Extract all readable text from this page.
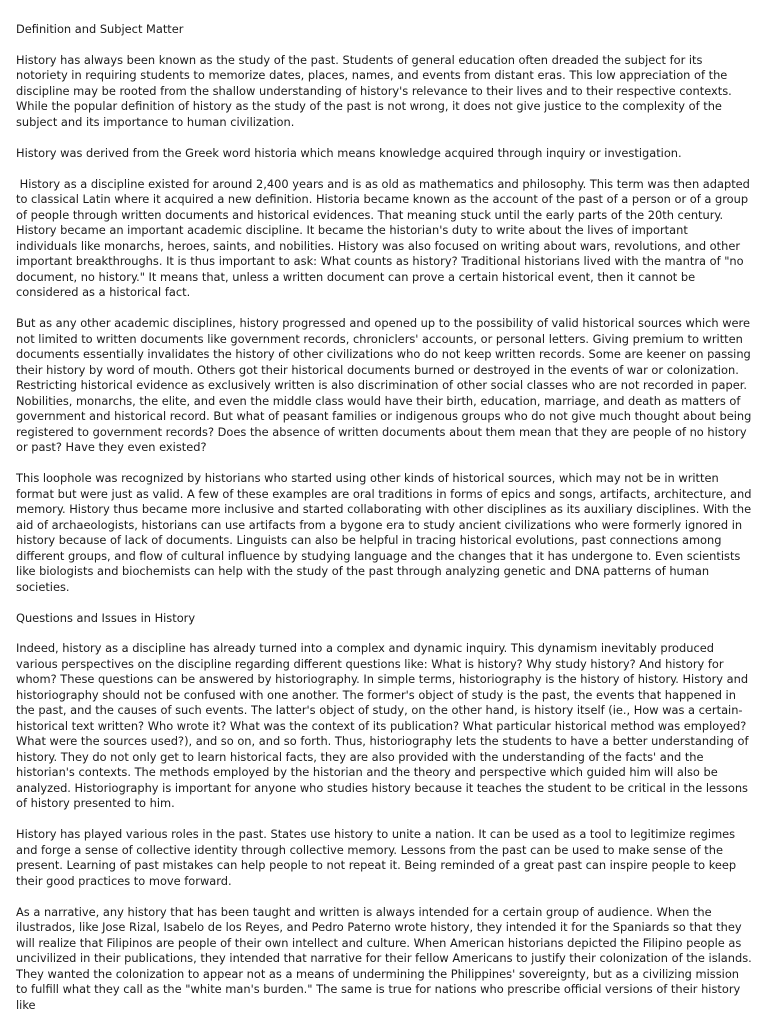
Definition and Subject Matter

History has always been known as the study of the past. Students of general education often dreaded the subject for its notoriety in requiring students to memorize dates, places, names, and events from distant eras. This low appreciation of the discipline may be rooted from the shallow understanding of history's relevance to their lives and to their respective contexts. While the popular definition of history as the study of the past is not wrong, it does not give justice to the complexity of the subject and its importance to human civilization.

History was derived from the Greek word historia which means knowledge acquired through inquiry or investigation.

History as a discipline existed for around 2,400 years and is as old as mathematics and philosophy. This term was then adapted to classical Latin where it acquired a new definition. Historia became known as the account of the past of a person or of a group of people through written documents and historical evidences. That meaning stuck until the early parts of the 20th century. History became an important academic discipline. It became the historian's duty to write about the lives of important individuals like monarchs, heroes, saints, and nobilities. History was also focused on writing about wars, revolutions, and other important breakthroughs. It is thus important to ask: What counts as history? Traditional historians lived with the mantra of "no document, no history." It means that, unless a written document can prove a certain historical event, then it cannot be considered as a historical fact.

But as any other academic disciplines, history progressed and opened up to the possibility of valid historical sources which were not limited to written documents like government records, chroniclers' accounts, or personal letters. Giving premium to written documents essentially invalidates the history of other civilizations who do not keep written records. Some are keener on passing their history by word of mouth. Others got their historical documents burned or destroyed in the events of war or colonization. Restricting historical evidence as exclusively written is also discrimination of other social classes who are not recorded in paper. Nobilities, monarchs, the elite, and even the middle class would have their birth, education, marriage, and death as matters of government and historical record. But what of peasant families or indigenous groups who do not give much thought about being registered to government records? Does the absence of written documents about them mean that they are people of no history or past? Have they even existed?

This loophole was recognized by historians who started using other kinds of historical sources, which may not be in written format but were just as valid. A few of these examples are oral traditions in forms of epics and songs, artifacts, architecture, and memory. History thus became more inclusive and started collaborating with other disciplines as its auxiliary disciplines. With the aid of archaeologists, historians can use artifacts from a bygone era to study ancient civilizations who were formerly ignored in history because of lack of documents. Linguists can also be helpful in tracing historical evolutions, past connections among different groups, and flow of cultural influence by studying language and the changes that it has undergone to. Even scientists like biologists and biochemists can help with the study of the past through analyzing genetic and DNA patterns of human societies.

Questions and Issues in History

Indeed, history as a discipline has already turned into a complex and dynamic inquiry. This dynamism inevitably produced various perspectives on the discipline regarding different questions like: What is history? Why study history? And history for whom? These questions can be answered by historiography. In simple terms, historiography is the history of history. History and historiography should not be confused with one another. The former's object of study is the past, the events that happened in the past, and the causes of such events. The latter's object of study, on the other hand, is history itself (ie., How was a certain-historical text written? Who wrote it? What was the context of its publication? What particular historical method was employed? What were the sources used?), and so on, and so forth. Thus, historiography lets the students to have a better understanding of history. They do not only get to learn historical facts, they are also provided with the understanding of the facts' and the historian's contexts. The methods employed by the historian and the theory and perspective which guided him will also be analyzed. Historiography is important for anyone who studies history because it teaches the student to be critical in the lessons of history presented to him.

History has played various roles in the past. States use history to unite a nation. It can be used as a tool to legitimize regimes and forge a sense of collective identity through collective memory. Lessons from the past can be used to make sense of the present. Learning of past mistakes can help people to not repeat it. Being reminded of a great past can inspire people to keep their good practices to move forward.

As a narrative, any history that has been taught and written is always intended for a certain group of audience. When the ilustrados, like Jose Rizal, Isabelo de los Reyes, and Pedro Paterno wrote history, they intended it for the Spaniards so that they will realize that Filipinos are people of their own intellect and culture. When American historians depicted the Filipino people as uncivilized in their publications, they intended that narrative for their fellow Americans to justify their colonization of the islands. They wanted the colonization to appear not as a means of undermining the Philippines' sovereignty, but as a civilizing mission to fulfill what they call as the "white man's burden." The same is true for nations who prescribe official versions of their history like
